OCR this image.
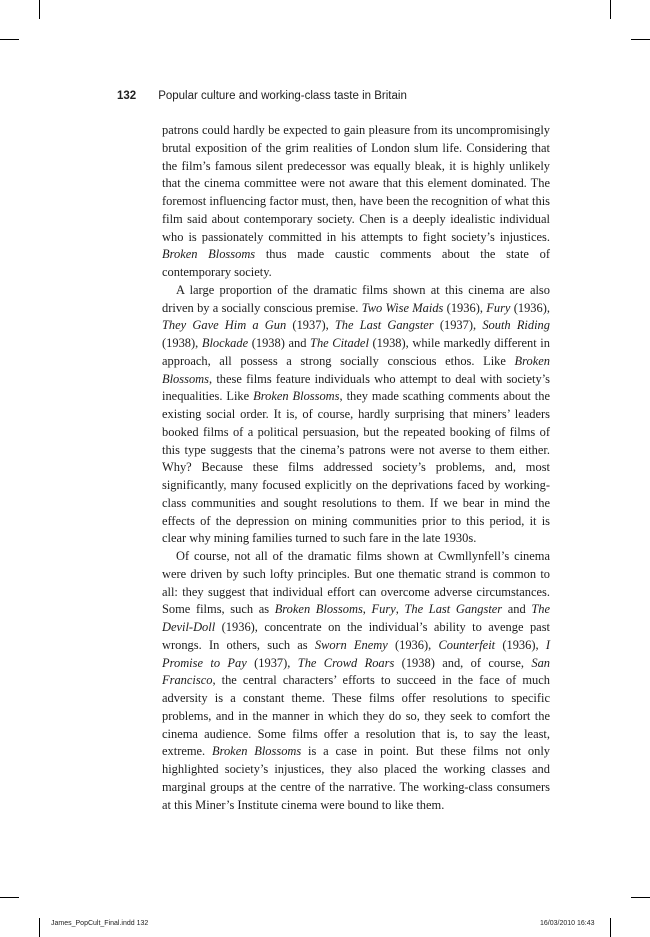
132 Popular culture and working-class taste in Britain

patrons could hardly be expected to gain pleasure from its uncompromisingly brutal exposition of the grim realities of London slum life. Considering that the film’s famous silent predecessor was equally bleak, it is highly unlikely that the cinema committee were not aware that this element dominated. The foremost influencing factor must, then, have been the recognition of what this film said about contemporary society. Chen is a deeply idealistic individual who is passionately committed in his attempts to fight society’s injustices. Broken Blossoms thus made caustic comments about the state of contemporary society.

A large proportion of the dramatic films shown at this cinema are also driven by a socially conscious premise. Two Wise Maids (1936), Fury (1936), They Gave Him a Gun (1937), The Last Gangster (1937), South Riding (1938), Blockade (1938) and The Citadel (1938), while markedly different in approach, all possess a strong socially conscious ethos. Like Broken Blossoms, these films feature individuals who attempt to deal with society’s inequalities. Like Broken Blossoms, they made scathing comments about the existing social order. It is, of course, hardly surprising that miners’ leaders booked films of a political persuasion, but the repeated booking of films of this type suggests that the cinema’s patrons were not averse to them either. Why? Because these films addressed society’s problems, and, most significantly, many focused explicitly on the deprivations faced by working-class communities and sought resolutions to them. If we bear in mind the effects of the depression on mining communities prior to this period, it is clear why mining families turned to such fare in the late 1930s.

Of course, not all of the dramatic films shown at Cwmllynfell’s cinema were driven by such lofty principles. But one thematic strand is common to all: they suggest that individual effort can overcome adverse circumstances. Some films, such as Broken Blossoms, Fury, The Last Gangster and The Devil-Doll (1936), concentrate on the individual’s ability to avenge past wrongs. In others, such as Sworn Enemy (1936), Counterfeit (1936), I Promise to Pay (1937), The Crowd Roars (1938) and, of course, San Francisco, the central characters’ efforts to succeed in the face of much adversity is a constant theme. These films offer resolutions to specific problems, and in the manner in which they do so, they seek to comfort the cinema audience. Some films offer a resolution that is, to say the least, extreme. Broken Blossoms is a case in point. But these films not only highlighted society’s injustices, they also placed the working classes and marginal groups at the centre of the narrative. The working-class consumers at this Miner’s Institute cinema were bound to like them.

James_PopCult_Final.indd 132	16/03/2010 16:43
